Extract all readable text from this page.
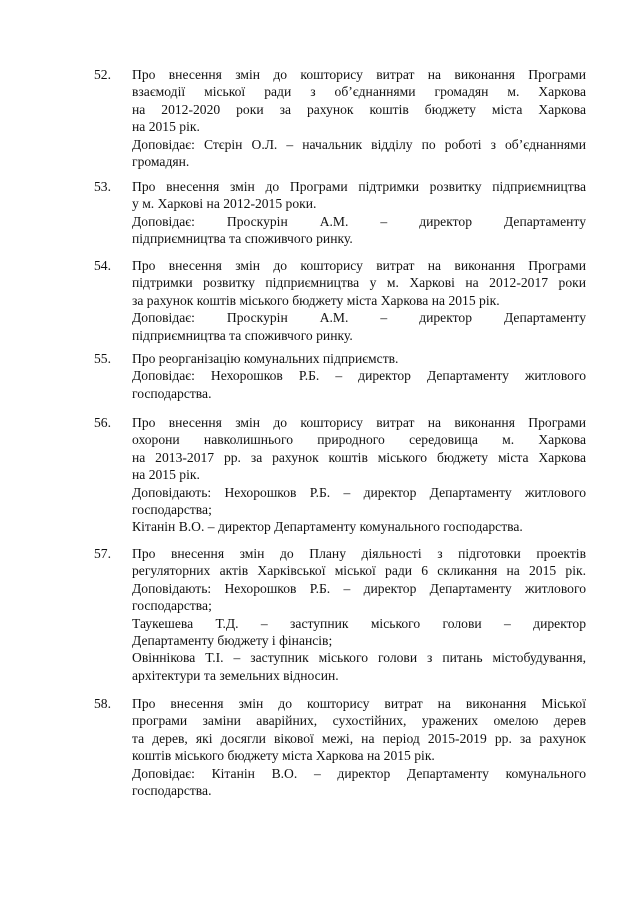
52.	Про внесення змін до кошторису витрат на виконання Програми
взаємодії міської ради з об’єднаннями громадян м. Харкова
на 2012-2020 роки за рахунок коштів бюджету міста Харкова
на 2015 рік.
Доповідає: Стєрін О.Л. – начальник відділу по роботі з об’єднаннями
громадян.
53.	Про внесення змін до Програми підтримки розвитку підприємництва
у м. Харкові на 2012-2015 роки.
Доповідає: Проскурін А.М. – директор Департаменту
підприємництва та споживчого ринку.
54.	Про внесення змін до кошторису витрат на виконання Програми
підтримки розвитку підприємництва у м. Харкові на 2012-2017 роки
за рахунок коштів міського бюджету міста Харкова на 2015 рік.
Доповідає: Проскурін А.М. – директор Департаменту
підприємництва та споживчого ринку.
55.	Про реорганізацію комунальних підприємств.
Доповідає: Нехорошков Р.Б. – директор Департаменту житлового
господарства.
56.	Про внесення змін до кошторису витрат на виконання Програми
охорони навколишнього природного середовища м. Харкова
на 2013-2017 рр. за рахунок коштів міського бюджету міста Харкова
на 2015 рік.
Доповідають: Нехорошков Р.Б. – директор Департаменту житлового
господарства;
Кітанін В.О. – директор Департаменту комунального господарства.
57.	Про внесення змін до Плану діяльності з підготовки проектів
регуляторних актів Харківської міської ради 6 скликання на 2015 рік.
Доповідають: Нехорошков Р.Б. – директор Департаменту житлового
господарства;
Таукешева Т.Д. – заступник міського голови – директор
Департаменту бюджету і фінансів;
Овіннікова Т.І. – заступник міського голови з питань містобудування,
архітектури та земельних відносин.
58.	Про внесення змін до кошторису витрат на виконання Міської
програми заміни аварійних, сухостійних, уражених омелою дерев
та дерев, які досягли вікової межі, на період 2015-2019 рр. за рахунок
коштів міського бюджету міста Харкова на 2015 рік.
Доповідає: Кітанін В.О. – директор Департаменту комунального
господарства.
